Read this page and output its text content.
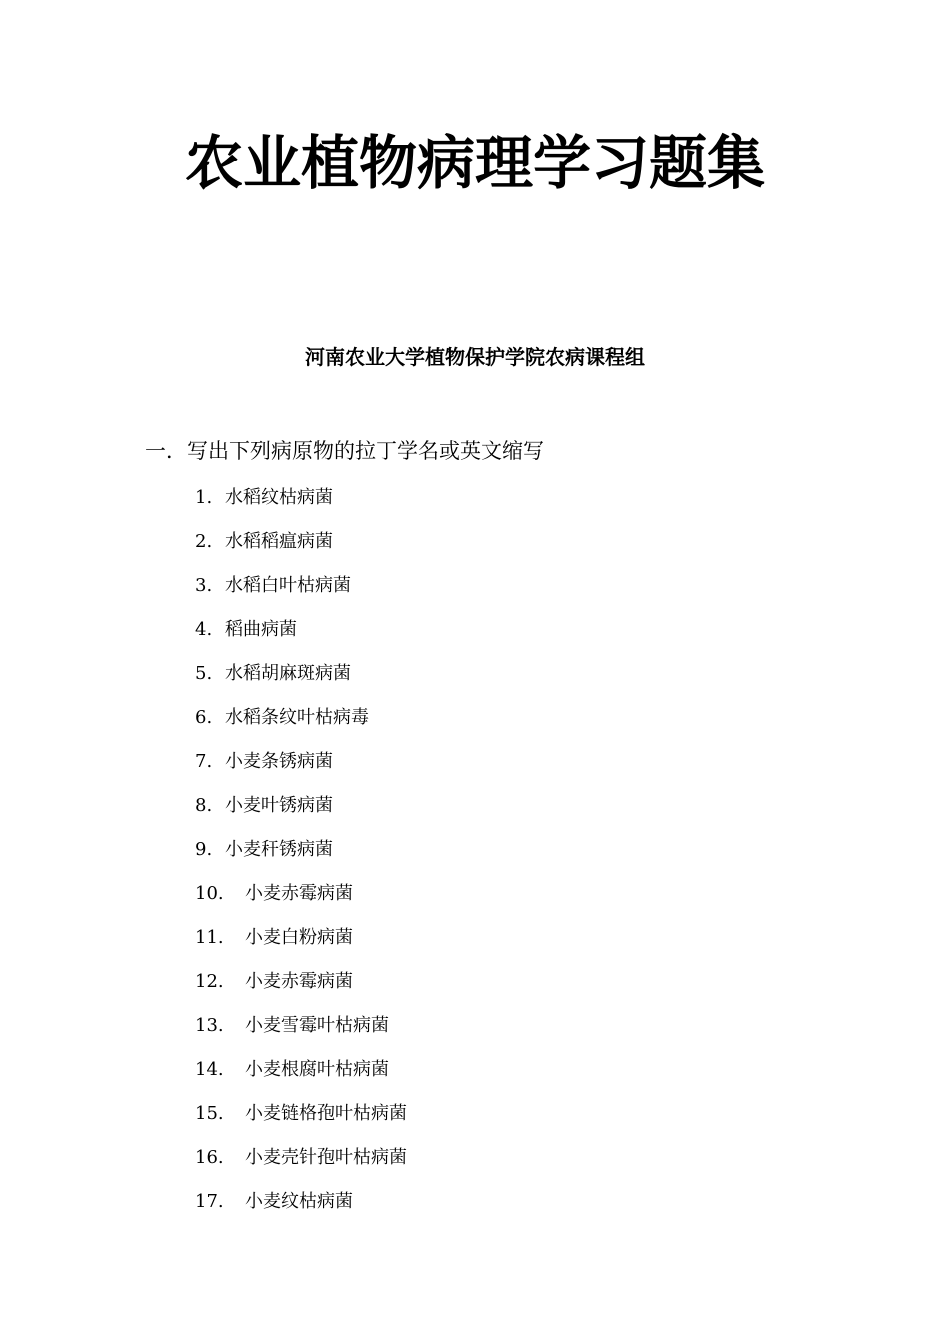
农业植物病理学习题集

河南农业大学植物保护学院农病课程组

一．写出下列病原物的拉丁学名或英文缩写

1. 水稻纹枯病菌
2. 水稻稻瘟病菌
3. 水稻白叶枯病菌
4. 稻曲病菌
5. 水稻胡麻斑病菌
6. 水稻条纹叶枯病毒
7. 小麦条锈病菌
8. 小麦叶锈病菌
9. 小麦秆锈病菌
10. 小麦赤霉病菌
11. 小麦白粉病菌
12. 小麦赤霉病菌
13. 小麦雪霉叶枯病菌
14. 小麦根腐叶枯病菌
15. 小麦链格孢叶枯病菌
16. 小麦壳针孢叶枯病菌
17. 小麦纹枯病菌
